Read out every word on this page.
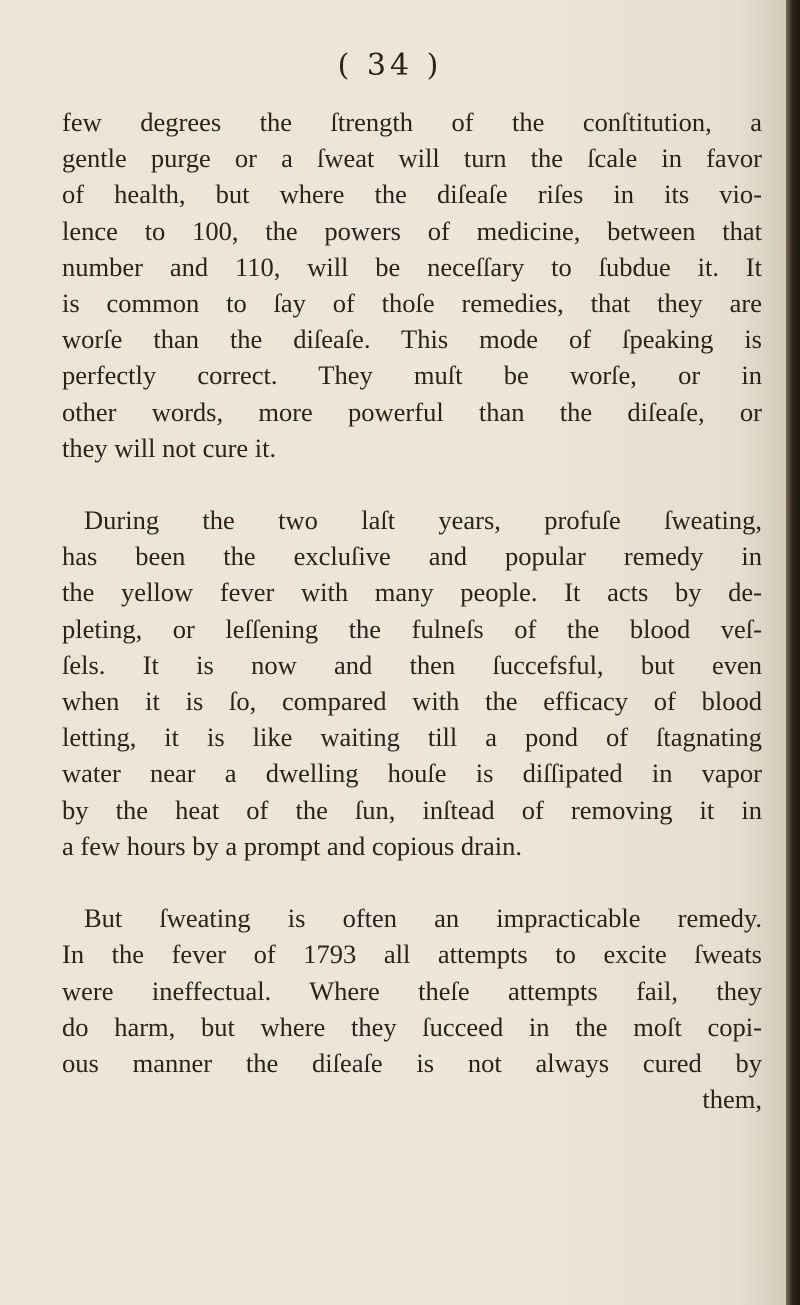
( 34 )
few degrees the ſtrength of the conſtitution, a
gentle purge or a ſweat will turn the ſcale in favor
of health, but where the diſeaſe riſes in its vio-
lence to 100, the powers of medicine, between that
number and 110, will be neceſſary to ſubdue it. It
is common to ſay of thoſe remedies, that they are
worſe than the diſeaſe. This mode of ſpeaking is
perfectly correct. They muſt be worſe, or in
other words, more powerful than the diſeaſe, or
they will not cure it.
During the two laſt years, profuſe ſweating,
has been the excluſive and popular remedy in
the yellow fever with many people. It acts by de-
pleting, or leſſening the fulneſs of the blood veſ-
ſels. It is now and then ſuccefsful, but even
when it is ſo, compared with the efficacy of blood
letting, it is like waiting till a pond of ſtagnating
water near a dwelling houſe is diſſipated in vapor
by the heat of the ſun, inſtead of removing it in
a few hours by a prompt and copious drain.
But ſweating is often an impracticable remedy.
In the fever of 1793 all attempts to excite ſweats
were ineffectual. Where theſe attempts fail, they
do harm, but where they ſucceed in the moſt copi-
ous manner the diſeaſe is not always cured by
them,
